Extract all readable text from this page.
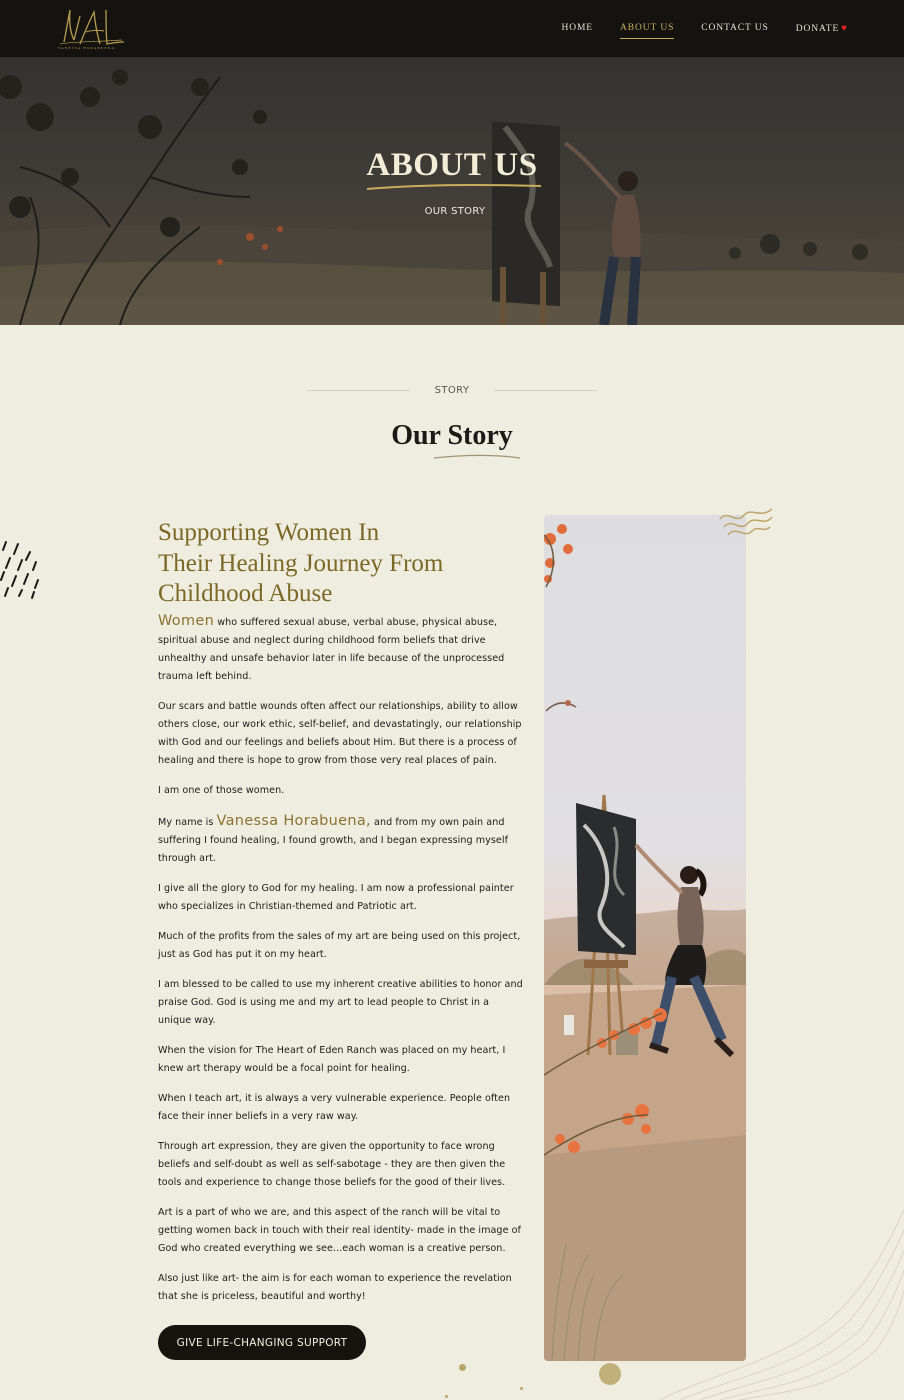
VANESSA HORABUENA
HOME	ABOUT US	CONTACT US	DONATE ♥
ABOUT US
OUR STORY
STORY
Our Story
Supporting Women In
Their Healing Journey From
Childhood Abuse

Women who suffered sexual abuse, verbal abuse, physical abuse, spiritual abuse and neglect during childhood form beliefs that drive unhealthy and unsafe behavior later in life because of the unprocessed trauma left behind.

Our scars and battle wounds often affect our relationships, ability to allow others close, our work ethic, self-belief, and devastatingly, our relationship with God and our feelings and beliefs about Him. But there is a process of healing and there is hope to grow from those very real places of pain.

I am one of those women.

My name is Vanessa Horabuena, and from my own pain and suffering I found healing, I found growth, and I began expressing myself through art.

I give all the glory to God for my healing. I am now a professional painter who specializes in Christian-themed and Patriotic art.

Much of the profits from the sales of my art are being used on this project, just as God has put it on my heart.

I am blessed to be called to use my inherent creative abilities to honor and praise God. God is using me and my art to lead people to Christ in a unique way.

When the vision for The Heart of Eden Ranch was placed on my heart, I knew art therapy would be a focal point for healing.

When I teach art, it is always a very vulnerable experience. People often face their inner beliefs in a very raw way.

Through art expression, they are given the opportunity to face wrong beliefs and self-doubt as well as self-sabotage - they are then given the tools and experience to change those beliefs for the good of their lives.

Art is a part of who we are, and this aspect of the ranch will be vital to getting women back in touch with their real identity- made in the image of God who created everything we see...each woman is a creative person.

Also just like art- the aim is for each woman to experience the revelation that she is priceless, beautiful and worthy!

GIVE LIFE-CHANGING SUPPORT
